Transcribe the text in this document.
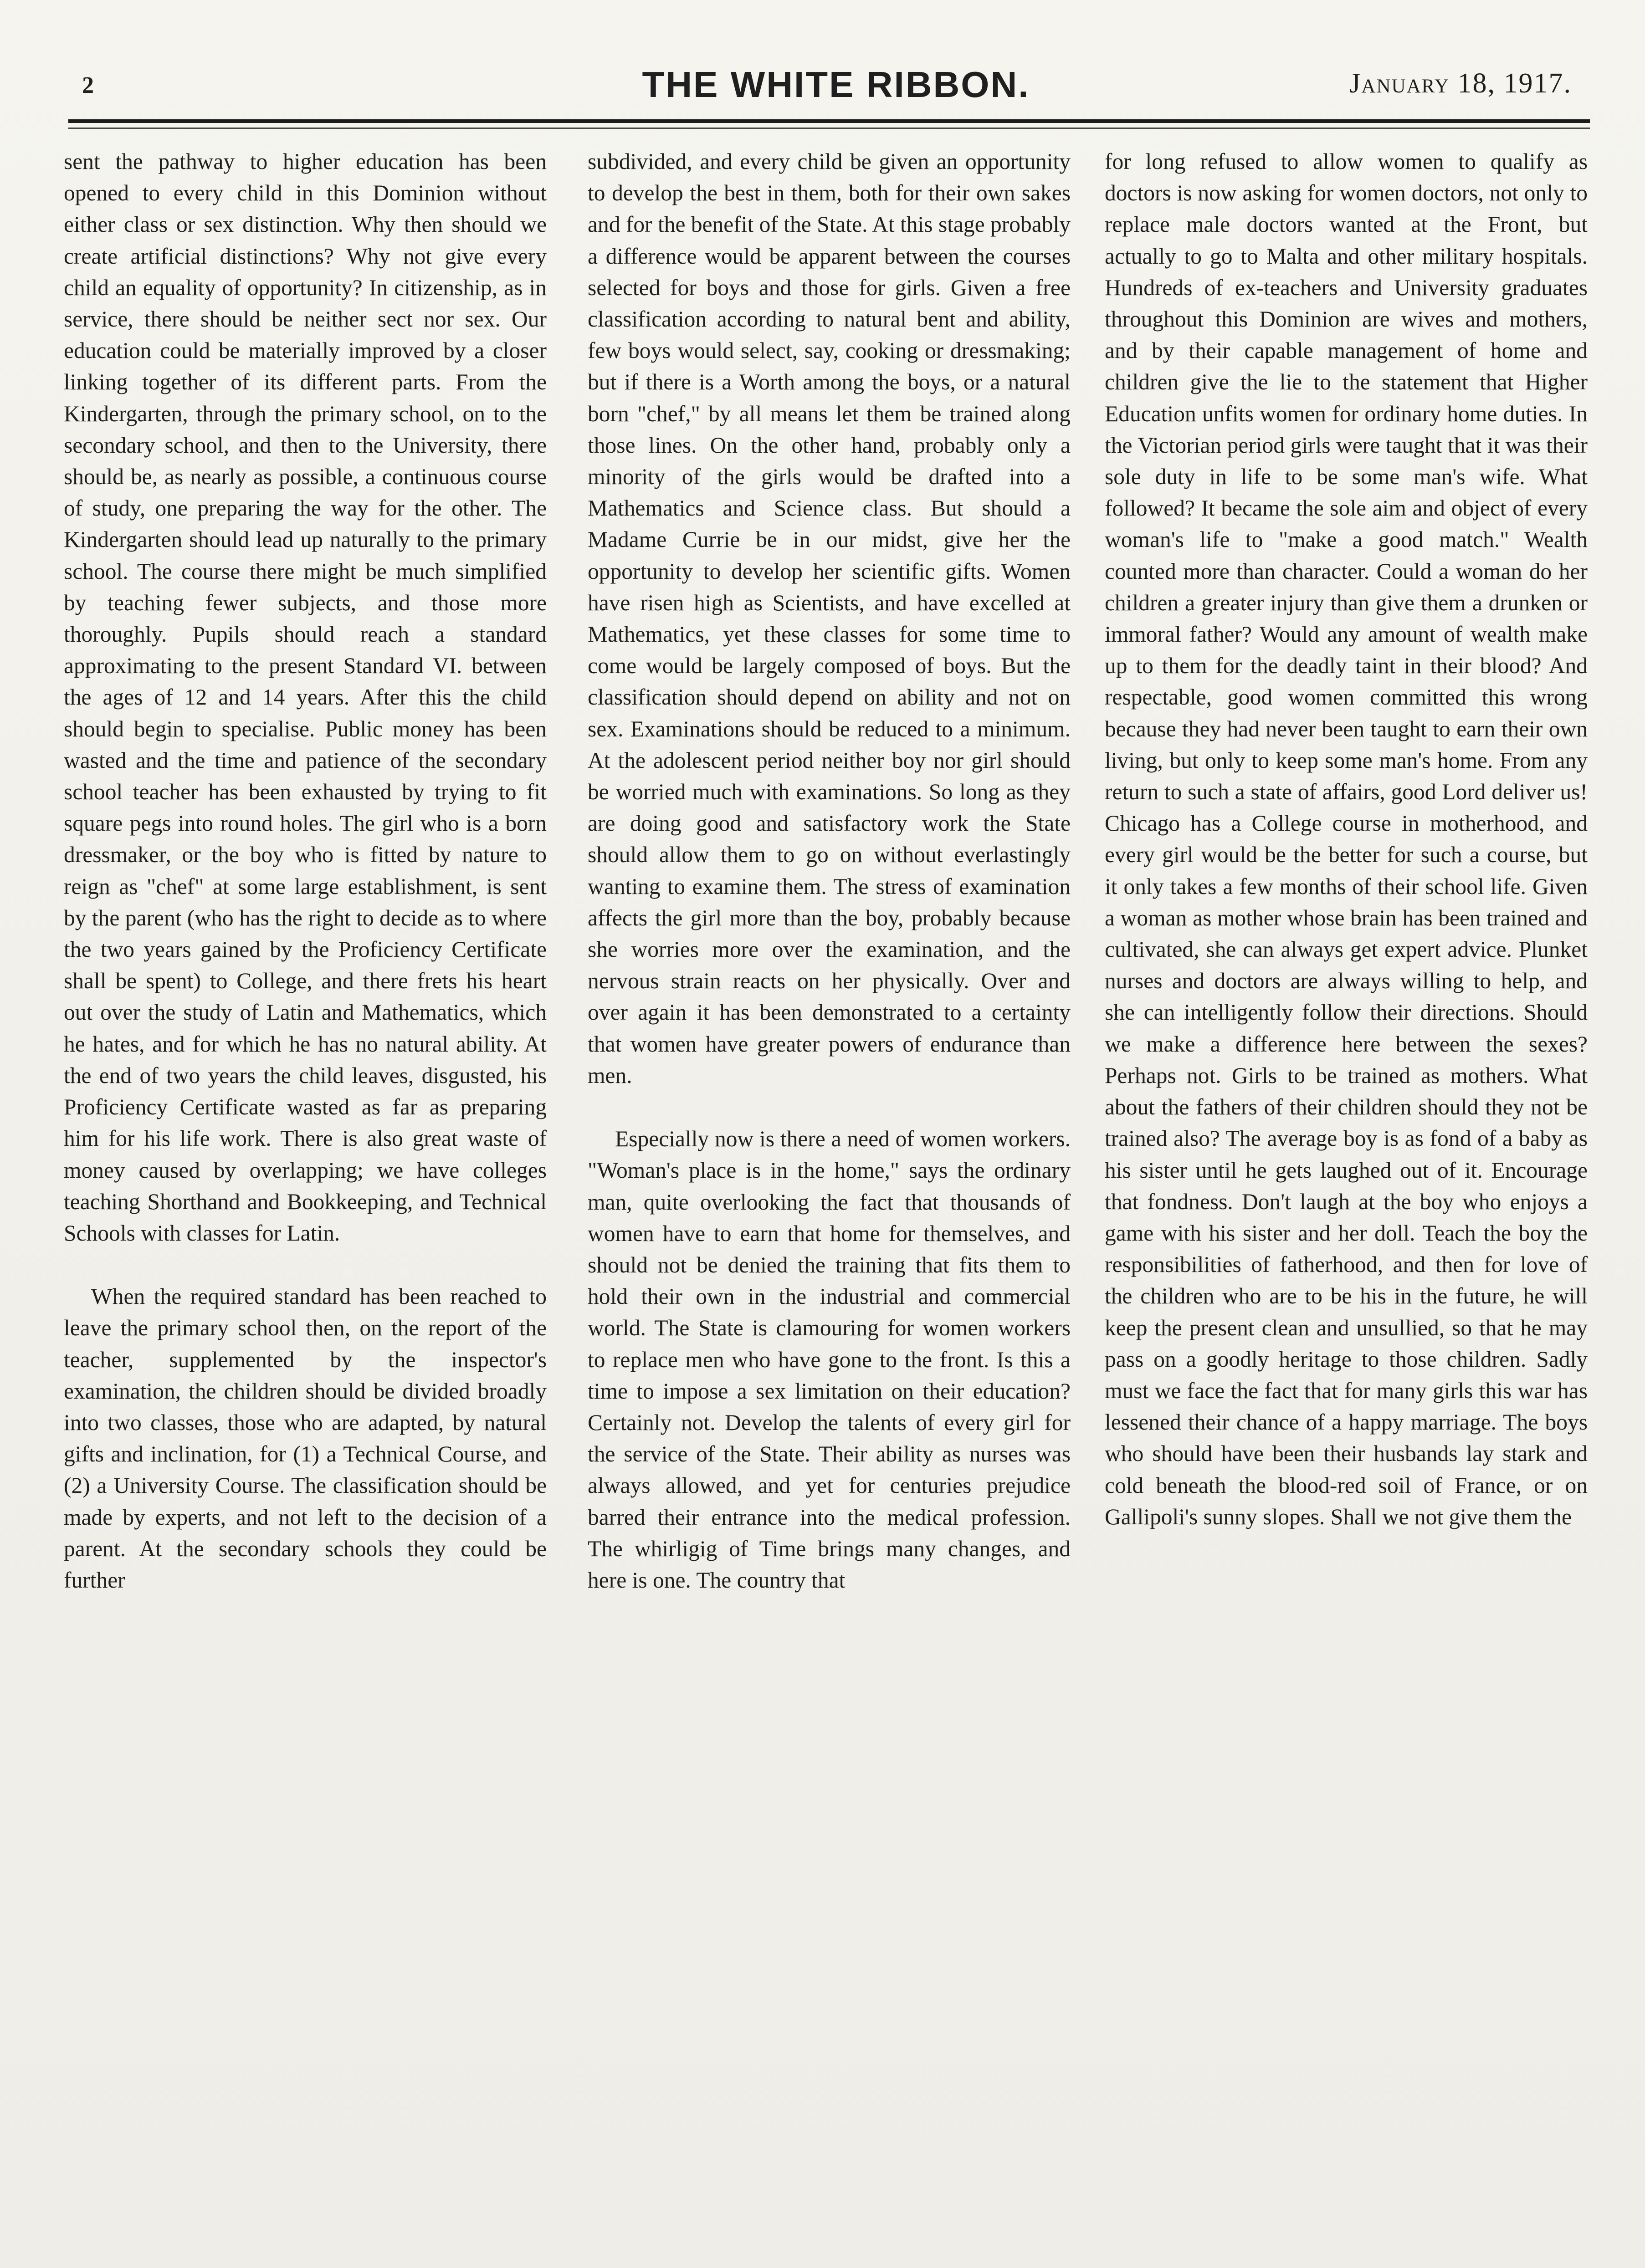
2	THE WHITE RIBBON.	January 18, 1917.

sent the pathway to higher education has been opened to every child in this Dominion without either class or sex distinction. Why then should we create artificial distinctions? Why not give every child an equality of opportunity? In citizenship, as in service, there should be neither sect nor sex. Our education could be materially improved by a closer linking together of its different parts. From the Kindergarten, through the primary school, on to the secondary school, and then to the University, there should be, as nearly as possible, a continuous course of study, one preparing the way for the other. The Kindergarten should lead up naturally to the primary school. The course there might be much simplified by teaching fewer subjects, and those more thoroughly. Pupils should reach a standard approximating to the present Standard VI. between the ages of 12 and 14 years. After this the child should begin to specialise. Public money has been wasted and the time and patience of the secondary school teacher has been exhausted by trying to fit square pegs into round holes. The girl who is a born dressmaker, or the boy who is fitted by nature to reign as "chef" at some large establishment, is sent by the parent (who has the right to decide as to where the two years gained by the Proficiency Certificate shall be spent) to College, and there frets his heart out over the study of Latin and Mathematics, which he hates, and for which he has no natural ability. At the end of two years the child leaves, disgusted, his Proficiency Certificate wasted as far as preparing him for his life work. There is also great waste of money caused by overlapping; we have colleges teaching Shorthand and Bookkeeping, and Technical Schools with classes for Latin.

When the required standard has been reached to leave the primary school then, on the report of the teacher, supplemented by the inspector's examination, the children should be divided broadly into two classes, those who are adapted, by natural gifts and inclination, for (1) a Technical Course, and (2) a University Course. The classification should be made by experts, and not left to the decision of a parent. At the secondary schools they could be further

subdivided, and every child be given an opportunity to develop the best in them, both for their own sakes and for the benefit of the State. At this stage probably a difference would be apparent between the courses selected for boys and those for girls. Given a free classification according to natural bent and ability, few boys would select, say, cooking or dressmaking; but if there is a Worth among the boys, or a natural born "chef," by all means let them be trained along those lines. On the other hand, probably only a minority of the girls would be drafted into a Mathematics and Science class. But should a Madame Currie be in our midst, give her the opportunity to develop her scientific gifts. Women have risen high as Scientists, and have excelled at Mathematics, yet these classes for some time to come would be largely composed of boys. But the classification should depend on ability and not on sex. Examinations should be reduced to a minimum. At the adolescent period neither boy nor girl should be worried much with examinations. So long as they are doing good and satisfactory work the State should allow them to go on without everlastingly wanting to examine them. The stress of examination affects the girl more than the boy, probably because she worries more over the examination, and the nervous strain reacts on her physically. Over and over again it has been demonstrated to a certainty that women have greater powers of endurance than men.

Especially now is there a need of women workers. "Woman's place is in the home," says the ordinary man, quite overlooking the fact that thousands of women have to earn that home for themselves, and should not be denied the training that fits them to hold their own in the industrial and commercial world. The State is clamouring for women workers to replace men who have gone to the front. Is this a time to impose a sex limitation on their education? Certainly not. Develop the talents of every girl for the service of the State. Their ability as nurses was always allowed, and yet for centuries prejudice barred their entrance into the medical profession. The whirligig of Time brings many changes, and here is one. The country that

for long refused to allow women to qualify as doctors is now asking for women doctors, not only to replace male doctors wanted at the Front, but actually to go to Malta and other military hospitals. Hundreds of ex-teachers and University graduates throughout this Dominion are wives and mothers, and by their capable management of home and children give the lie to the statement that Higher Education unfits women for ordinary home duties. In the Victorian period girls were taught that it was their sole duty in life to be some man's wife. What followed? It became the sole aim and object of every woman's life to "make a good match." Wealth counted more than character. Could a woman do her children a greater injury than give them a drunken or immoral father? Would any amount of wealth make up to them for the deadly taint in their blood? And respectable, good women committed this wrong because they had never been taught to earn their own living, but only to keep some man's home. From any return to such a state of affairs, good Lord deliver us! Chicago has a College course in motherhood, and every girl would be the better for such a course, but it only takes a few months of their school life. Given a woman as mother whose brain has been trained and cultivated, she can always get expert advice. Plunket nurses and doctors are always willing to help, and she can intelligently follow their directions. Should we make a difference here between the sexes? Perhaps not. Girls to be trained as mothers. What about the fathers of their children should they not be trained also? The average boy is as fond of a baby as his sister until he gets laughed out of it. Encourage that fondness. Don't laugh at the boy who enjoys a game with his sister and her doll. Teach the boy the responsibilities of fatherhood, and then for love of the children who are to be his in the future, he will keep the present clean and unsullied, so that he may pass on a goodly heritage to those children. Sadly must we face the fact that for many girls this war has lessened their chance of a happy marriage. The boys who should have been their husbands lay stark and cold beneath the blood-red soil of France, or on Gallipoli's sunny slopes. Shall we not give them the
